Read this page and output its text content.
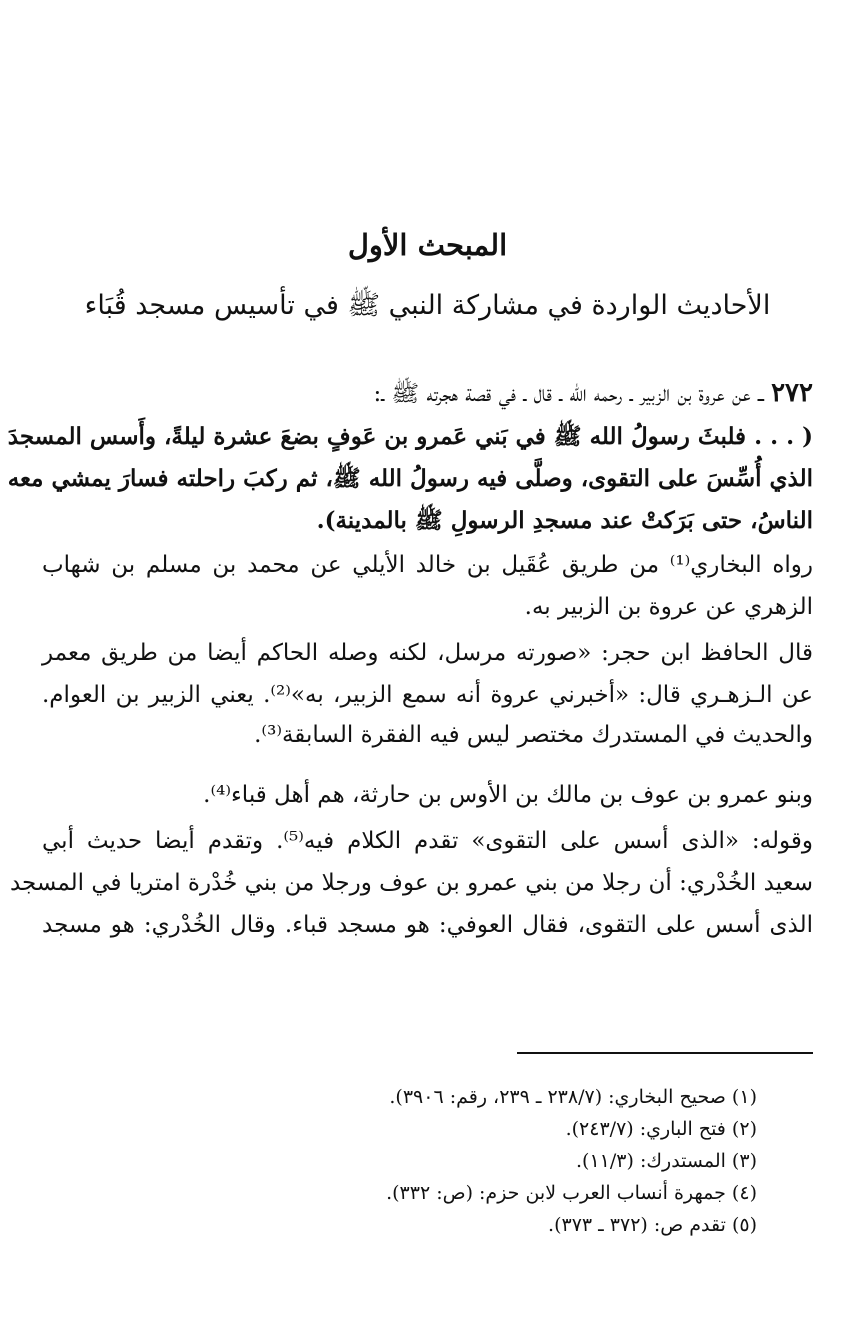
المبحث الأول
الأحاديث الواردة في مشاركة النبي ﷺ في تأسيس مسجد قُبَاء
٢٧٢ ــ عن عروة بن الزبير ـ رحمه الله ـ قال ـ في قصة هجرته ﷺ ـ:
( . . . فلبثَ رسولُ الله ﷺ في بَني عَمرو بن عَوفٍ بضعَ عشرة ليلةً، وأَسس المسجدَ
الذي أُسِّسَ على التقوى، وصلَّى فيه رسولُ الله ﷺ، ثم ركبَ راحلته فسارَ يمشي معه
الناسُ، حتى بَرَكتْ عند مسجدِ الرسولِ ﷺ بالمدينة).
رواه البخاري⁽¹⁾ من طريق عُقَيل بن خالد الأيلي عن محمد بن مسلم بن شهاب
الزهري عن عروة بن الزبير به.
قال الحافظ ابن حجر: «صورته مرسل، لكنه وصله الحاكم أيضا من طريق معمر
عن الـزهـري قال: «أخبرني عروة أنه سمع الزبير، به»⁽²⁾. يعني الزبير بن العوام.
والحديث في المستدرك مختصر ليس فيه الفقرة السابقة⁽³⁾.
وبنو عمرو بن عوف بن مالك بن الأوس بن حارثة، هم أهل قباء⁽⁴⁾.
وقوله: «الذى أسس على التقوى» تقدم الكلام فيه⁽⁵⁾. وتقدم أيضا حديث أبي
سعيد الخُدْري: أن رجلا من بني عمرو بن عوف ورجلا من بني خُدْرة امتريا في المسجد
الذى أسس على التقوى، فقال العوفي: هو مسجد قباء. وقال الخُدْري: هو مسجد
(١) صحيح البخاري: (٢٣٨/٧ ـ ٢٣٩، رقم: ٣٩٠٦).
(٢) فتح الباري: (٢٤٣/٧).
(٣) المستدرك: (١١/٣).
(٤) جمهرة أنساب العرب لابن حزم: (ص: ٣٣٢).
(٥) تقدم ص: (٣٧٢ ـ ٣٧٣).
